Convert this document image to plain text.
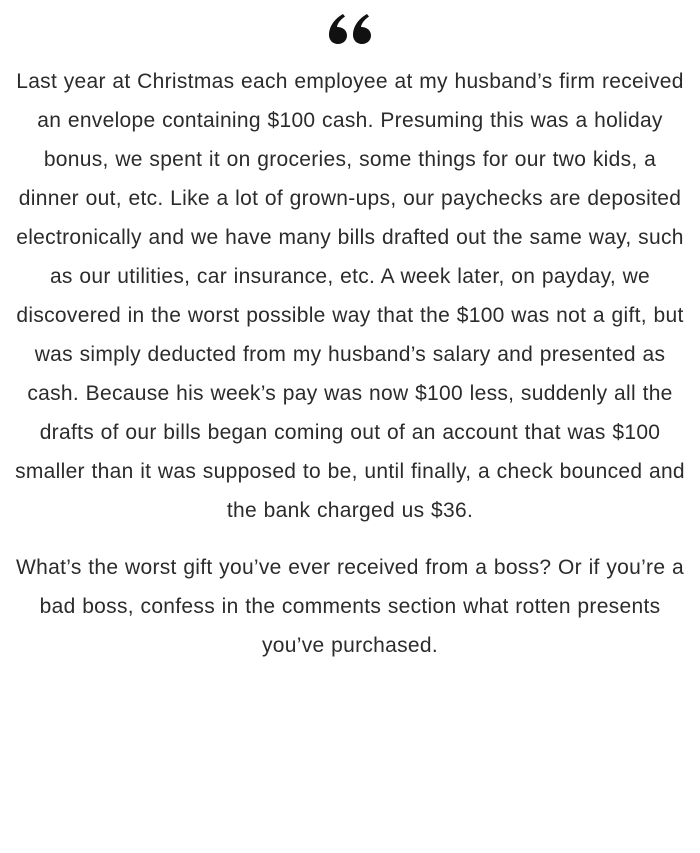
Last year at Christmas each employee at my husband’s firm received an envelope containing $100 cash. Presuming this was a holiday bonus, we spent it on groceries, some things for our two kids, a dinner out, etc. Like a lot of grown-ups, our paychecks are deposited electronically and we have many bills drafted out the same way, such as our utilities, car insurance, etc. A week later, on payday, we discovered in the worst possible way that the $100 was not a gift, but was simply deducted from my husband’s salary and presented as cash. Because his week’s pay was now $100 less, suddenly all the drafts of our bills began coming out of an account that was $100 smaller than it was supposed to be, until finally, a check bounced and the bank charged us $36.

What’s the worst gift you’ve ever received from a boss? Or if you’re a bad boss, confess in the comments section what rotten presents you’ve purchased.
